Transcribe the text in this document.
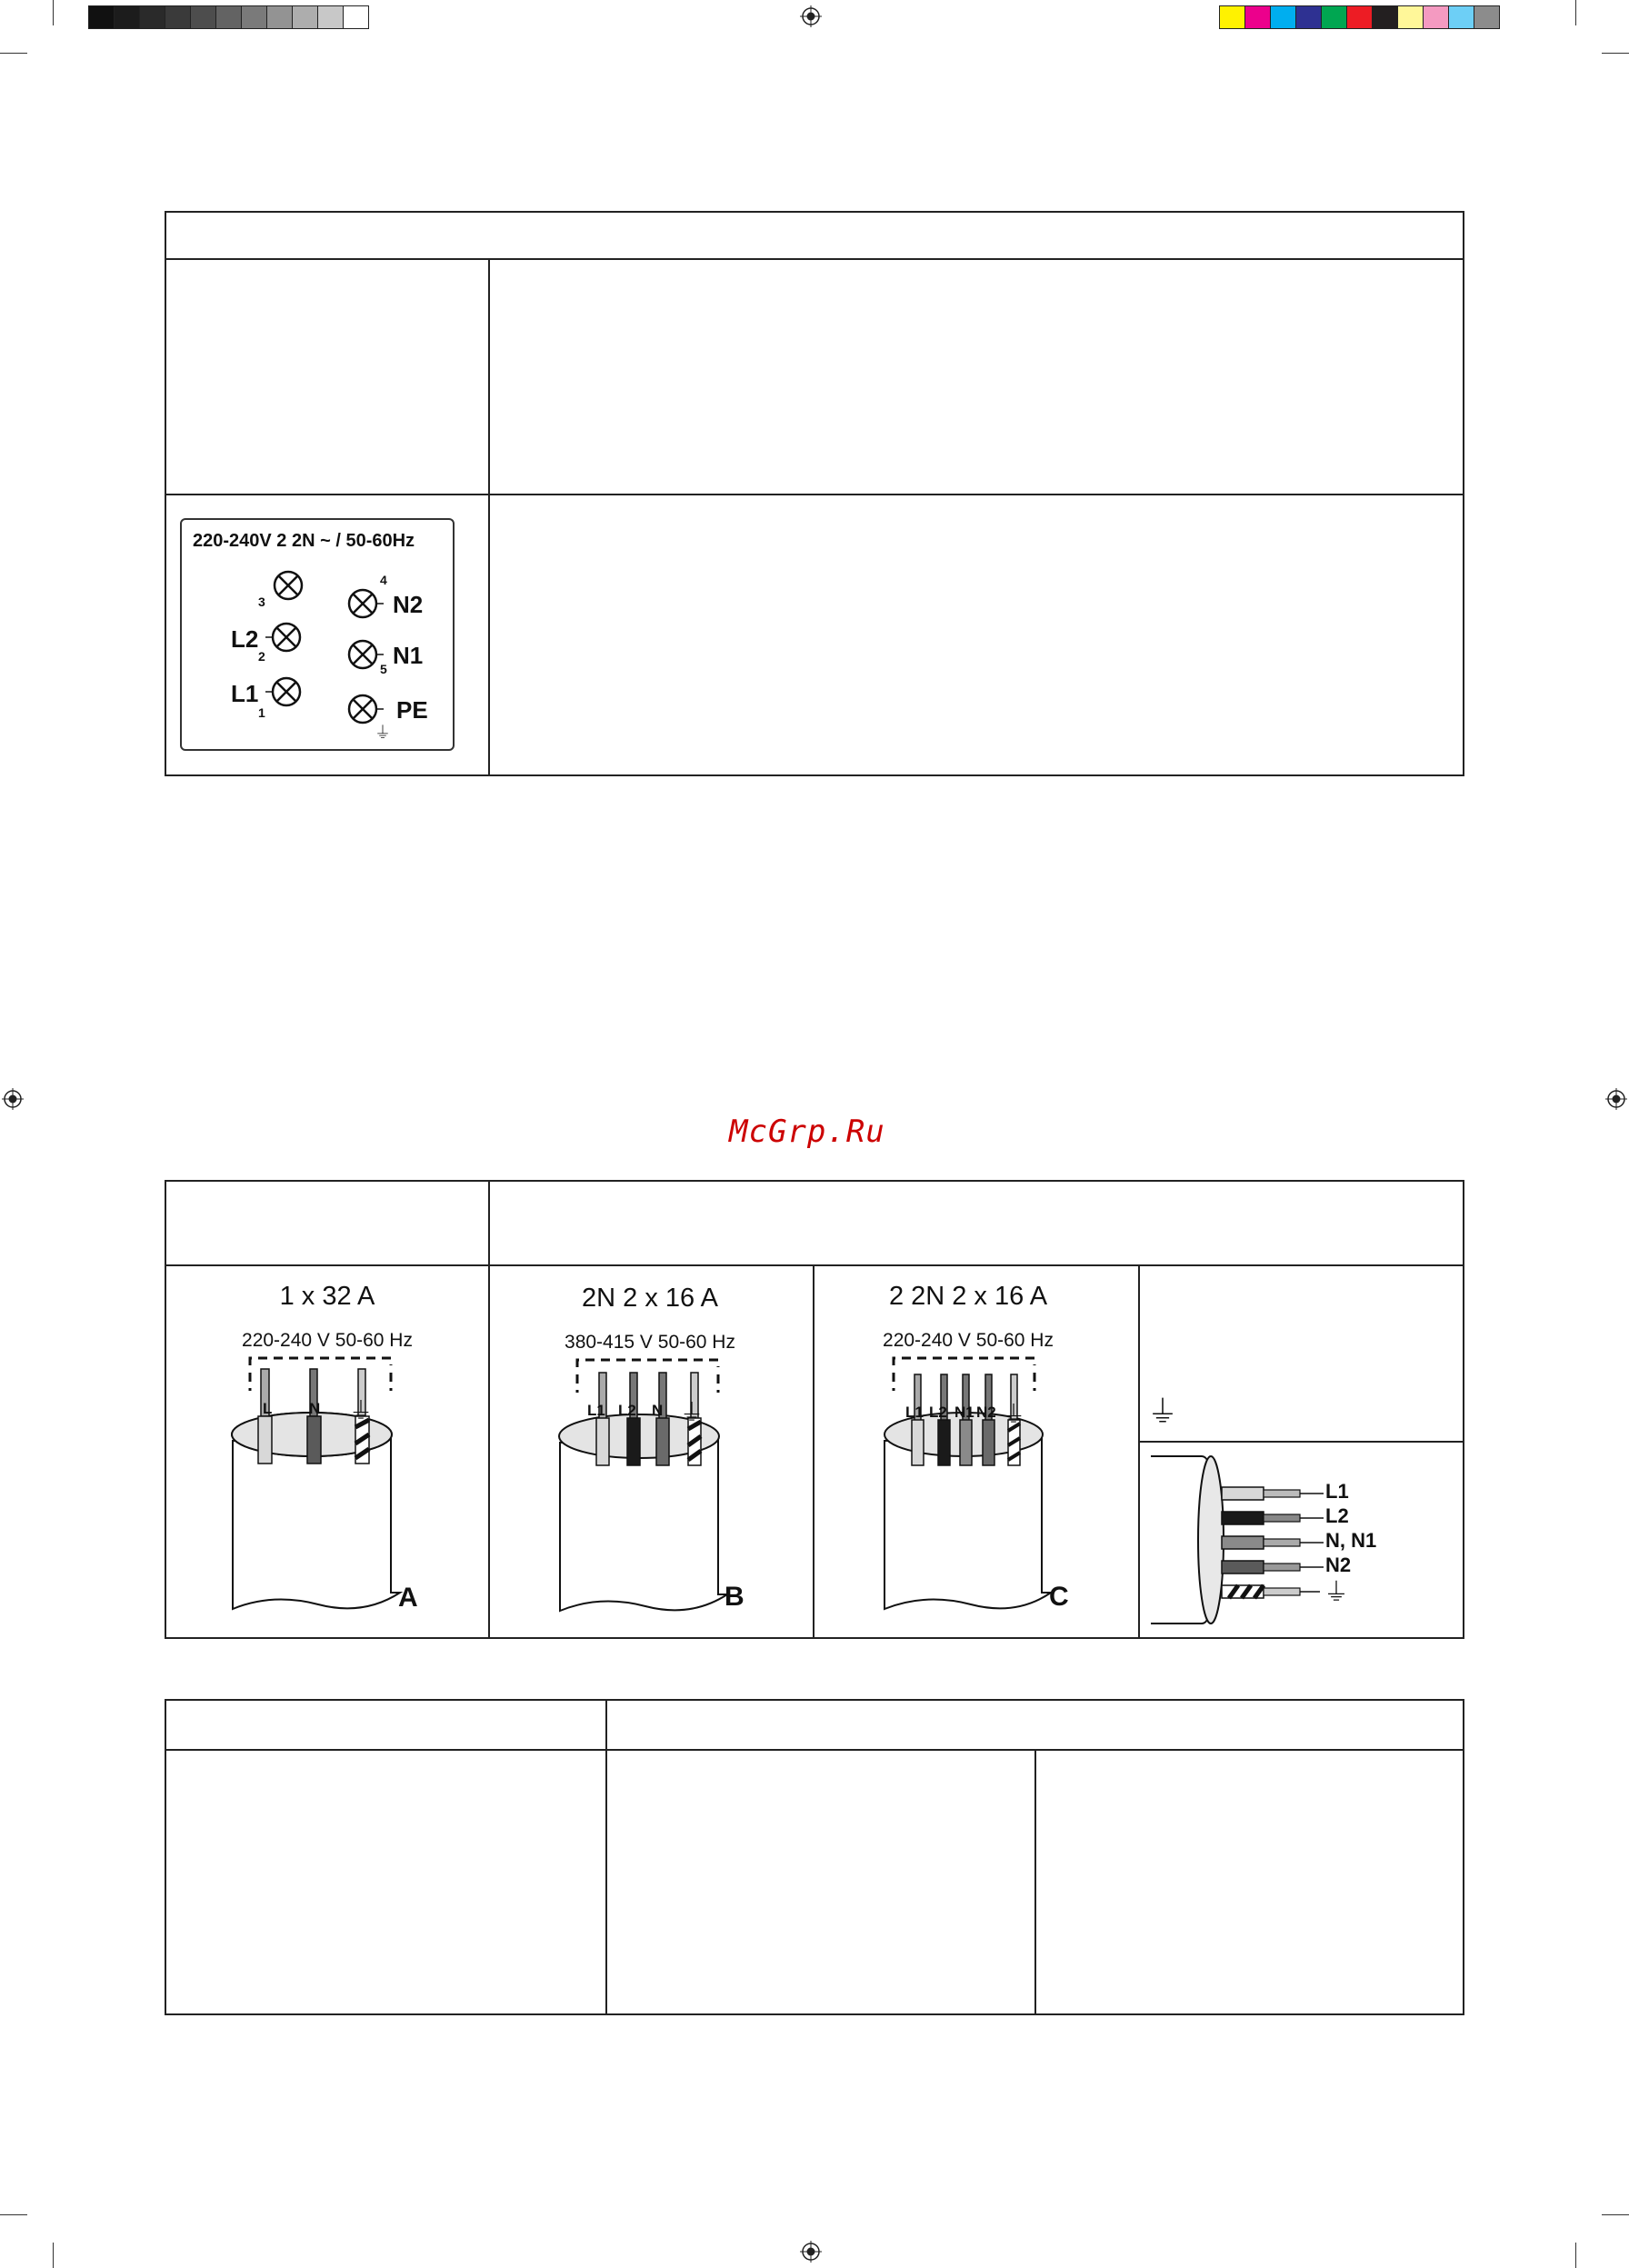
220-240V 2 2N ~ / 50-60Hz
3
L2
2
L1
1
4
N2
N1
5
PE
⏚
McGrp.Ru
1 x 32 A
220-240 V 50-60 Hz
L N ⏚
A
2N 2 x 16 A
380-415 V 50-60 Hz
L1 L2 N ⏚
B
2 2N 2 x 16 A
220-240 V 50-60 Hz
L1 L2 N1 N2 ⏚
C
⏚
L1
L2
N, N1
N2
⏚
